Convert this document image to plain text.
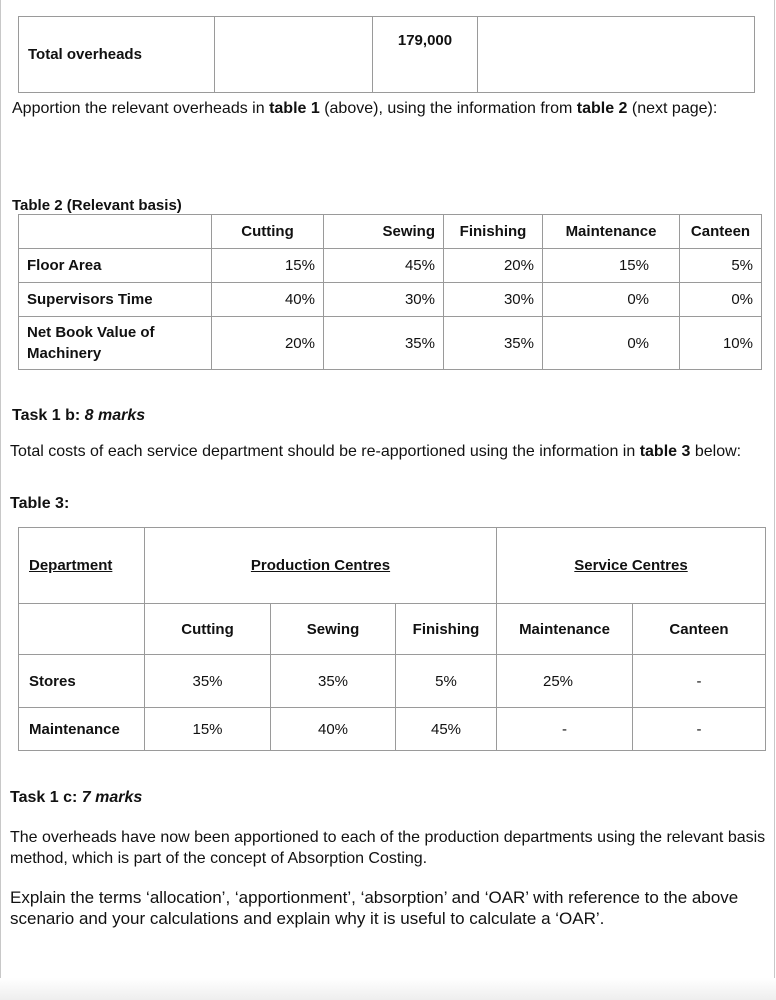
Total overheads		179,000	

Apportion the relevant overheads in table 1 (above), using the information from table 2 (next page):

Table 2 (Relevant basis)

	Cutting	Sewing	Finishing	Maintenance	Canteen
Floor Area	15%	45%	20%	15%	5%
Supervisors Time	40%	30%	30%	0%	0%
Net Book Value of Machinery	20%	35%	35%	0%	10%

Task 1 b: 8 marks

Total costs of each service department should be re-apportioned using the information in table 3 below:

Table 3:

Department	Production Centres			Service Centres	
	Cutting	Sewing	Finishing	Maintenance	Canteen
Stores	35%	35%	5%	25%	-
Maintenance	15%	40%	45%	-	-

Task 1 c: 7 marks

The overheads have now been apportioned to each of the production departments using the relevant basis method, which is part of the concept of Absorption Costing.

Explain the terms ‘allocation’, ‘apportionment’, ‘absorption’ and ‘OAR’ with reference to the above scenario and your calculations and explain why it is useful to calculate a ‘OAR’.
